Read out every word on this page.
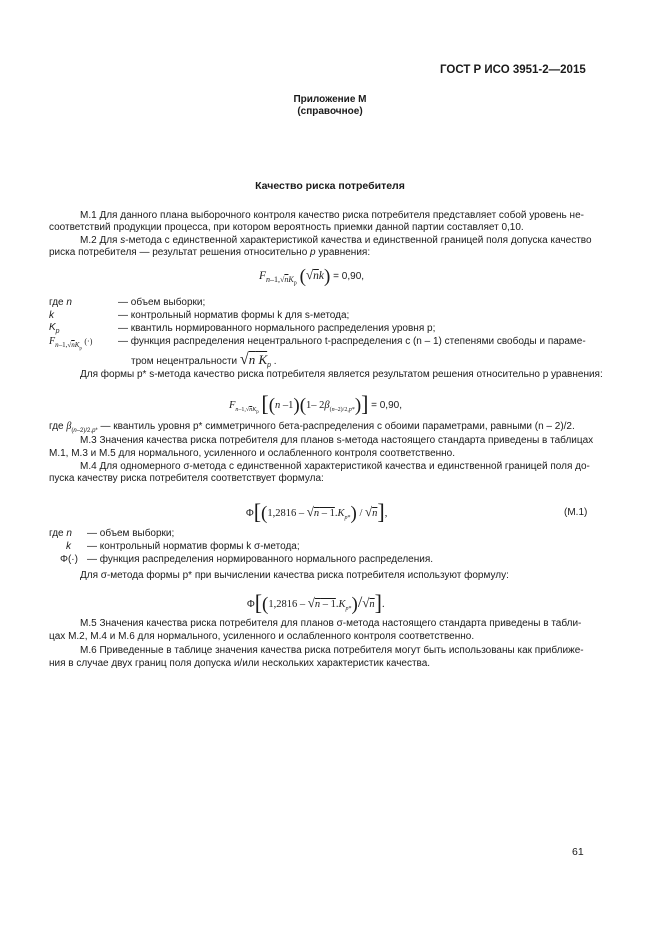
ГОСТ Р ИСО 3951-2—2015
Приложение М
(справочное)
Качество риска потребителя
М.1 Для данного плана выборочного контроля качество риска потребителя представляет собой уровень не-
соответствий продукции процесса, при котором вероятность приемки данной партии составляет 0,10.
М.2 Для s-метода с единственной характеристикой качества и единственной границей поля допуска качество
риска потребителя — результат решения относительно p уравнения:
$F_{n-1,√nK_p}$ (√nk) = 0,90,
где n	— объем выборки;
k	— контрольный норматив формы k для s-метода;
$K_p$	— квантиль нормированного нормального распределения уровня p;
$F_{n-1,√nK_p}$ (·)	— функция распределения нецентрального t-распределения с (n – 1) степенями свободы и параме-
тром нецентральности √n $K_p$ .
Для формы p* s-метода качество риска потребителя является результатом решения относительно p уравнения:
$F_{n-1,√nK_p}$ [(n –1)(1– $2\beta_{(n-2)/2,p*})] = 0,90$,
где $\beta_{(n-2)/2,p*}$ — квантиль уровня p* симметричного бета-распределения с обоими параметрами, равными (n – 2)/2.
М.3 Значения качества риска потребителя для планов s-метода настоящего стандарта приведены в таблицах
М.1, М.3 и М.5 для нормального, усиленного и ослабленного контроля соответственно.
М.4 Для одномерного σ-метода с единственной характеристикой качества и единственной границей поля до-
пуска качеству риска потребителя соответствует формула:
$\Phi[(1,2816 - √n - 1.K_{p*}) / √n]$,	(М.1)
где n — объем выборки;
k — контрольный норматив формы k σ-метода;
Φ(·) — функция распределения нормированного нормального распределения.
Для σ-метода формы p* при вычислении качества риска потребителя используют формулу:
$\Phi[(1,2816 - √n - 1.K_{p*})/√n]$.
М.5 Значения качества риска потребителя для планов σ-метода настоящего стандарта приведены в табли-
цах М.2, М.4 и М.6 для нормального, усиленного и ослабленного контроля соответственно.
М.6 Приведенные в таблице значения качества риска потребителя могут быть использованы как приближе-
ния в случае двух границ поля допуска и/или нескольких характеристик качества.
61
